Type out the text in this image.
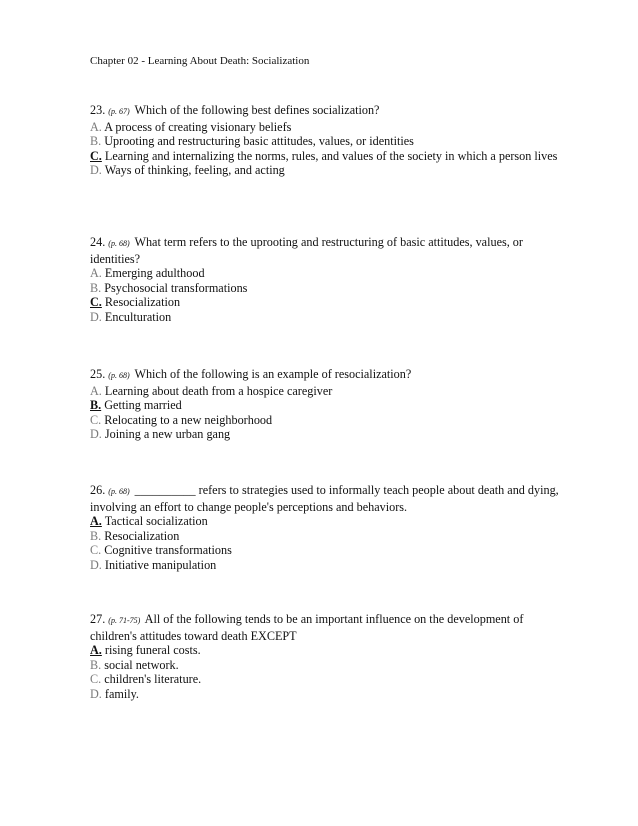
Chapter 02 - Learning About Death: Socialization
23. (p. 67) Which of the following best defines socialization?
A. A process of creating visionary beliefs
B. Uprooting and restructuring basic attitudes, values, or identities
C. Learning and internalizing the norms, rules, and values of the society in which a person lives
D. Ways of thinking, feeling, and acting
24. (p. 68) What term refers to the uprooting and restructuring of basic attitudes, values, or identities?
A. Emerging adulthood
B. Psychosocial transformations
C. Resocialization
D. Enculturation
25. (p. 68) Which of the following is an example of resocialization?
A. Learning about death from a hospice caregiver
B. Getting married
C. Relocating to a new neighborhood
D. Joining a new urban gang
26. (p. 68) __________ refers to strategies used to informally teach people about death and dying, involving an effort to change people's perceptions and behaviors.
A. Tactical socialization
B. Resocialization
C. Cognitive transformations
D. Initiative manipulation
27. (p. 71-75) All of the following tends to be an important influence on the development of children's attitudes toward death EXCEPT
A. rising funeral costs.
B. social network.
C. children's literature.
D. family.
